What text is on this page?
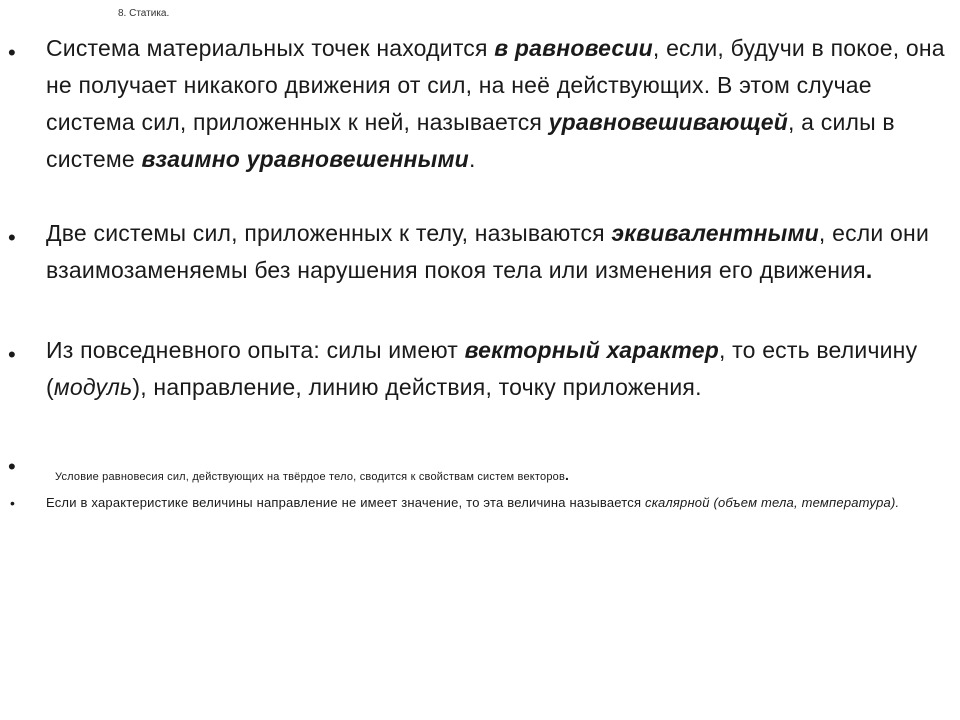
8. Статика.
•	Система материальных точек находится в равновесии, если, будучи в покое, она не получает никакого движения от сил, на неё действующих. В этом случае система сил, приложенных к ней, называется уравновешивающей, а силы в системе взаимно уравновешенными.
•	Две системы сил, приложенных к телу, называются эквивалентными, если они взаимозаменяемы без нарушения покоя тела или изменения его движения.
•	Из повседневного опыта: силы имеют векторный характер, то есть величину (модуль), направление, линию действия, точку приложения.
•	Условие равновесия сил, действующих на твёрдое тело, сводится к свойствам систем векторов.
•	Если в характеристике величины направление не имеет значение, то эта величина называется скалярной (объем тела, температура).
